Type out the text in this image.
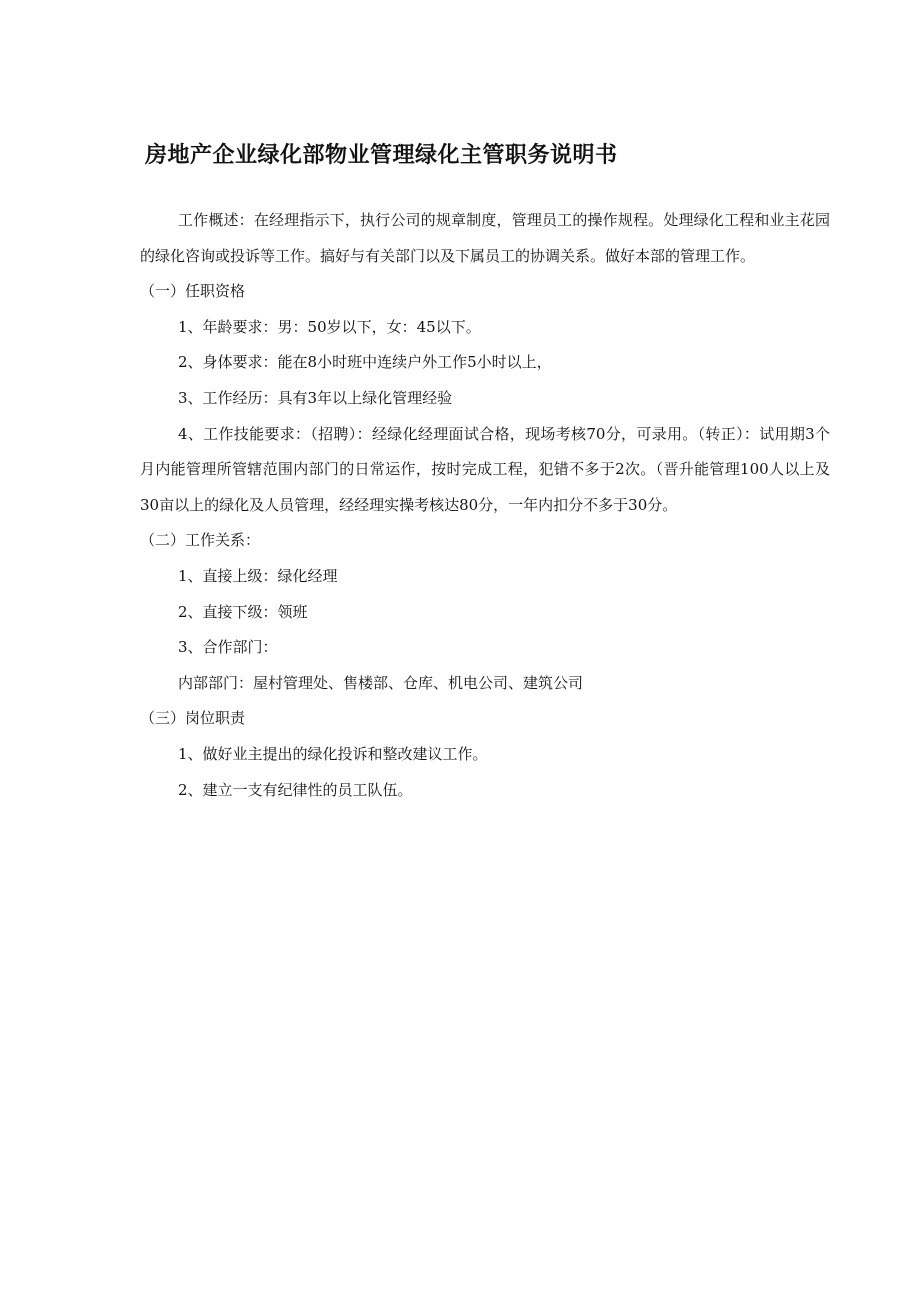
房地产企业绿化部物业管理绿化主管职务说明书

工作概述：在经理指示下，执行公司的规章制度，管理员工的操作规程。处理绿化工程和业主花园的绿化咨询或投诉等工作。搞好与有关部门以及下属员工的协调关系。做好本部的管理工作。

（一）任职资格

1、年龄要求：男：50岁以下，女：45以下。

2、身体要求：能在8小时班中连续户外工作5小时以上，

3、工作经历：具有3年以上绿化管理经验

4、工作技能要求：（招聘）：经绿化经理面试合格，现场考核70分，可录用。（转正）：试用期3个月内能管理所管辖范围内部门的日常运作，按时完成工程，犯错不多于2次。（晋升能管理100人以上及30亩以上的绿化及人员管理，经经理实操考核达80分，一年内扣分不多于30分。

（二）工作关系：

1、直接上级：绿化经理

2、直接下级：领班

3、合作部门：

内部部门：屋村管理处、售楼部、仓库、机电公司、建筑公司

（三）岗位职责

1、做好业主提出的绿化投诉和整改建议工作。

2、建立一支有纪律性的员工队伍。
